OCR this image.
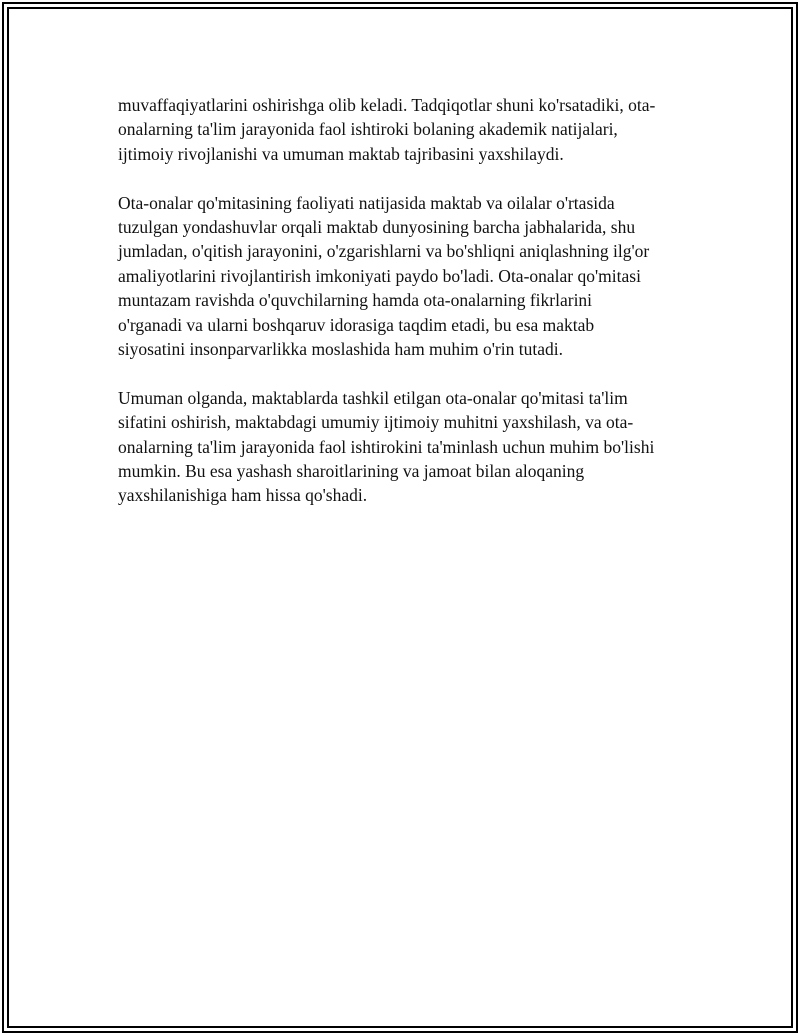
muvaffaqiyatlarini oshirishga olib keladi. Tadqiqotlar shuni ko'rsatadiki, ota-
onalarning ta'lim jarayonida faol ishtiroki bolaning akademik natijalari,
ijtimoiy rivojlanishi va umuman maktab tajribasini yaxshilaydi.

Ota-onalar qo'mitasining faoliyati natijasida maktab va oilalar o'rtasida
tuzulgan yondashuvlar orqali maktab dunyosining barcha jabhalarida, shu
jumladan, o'qitish jarayonini, o'zgarishlarni va bo'shliqni aniqlashning ilg'or
amaliyotlarini rivojlantirish imkoniyati paydo bo'ladi. Ota-onalar qo'mitasi
muntazam ravishda o'quvchilarning hamda ota-onalarning fikrlarini
o'rganadi va ularni boshqaruv idorasiga taqdim etadi, bu esa maktab
siyosatini insonparvarlikka moslashida ham muhim o'rin tutadi.

Umuman olganda, maktablarda tashkil etilgan ota-onalar qo'mitasi ta'lim
sifatini oshirish, maktabdagi umumiy ijtimoiy muhitni yaxshilash, va ota-
onalarning ta'lim jarayonida faol ishtirokini ta'minlash uchun muhim bo'lishi
mumkin. Bu esa yashash sharoitlarining va jamoat bilan aloqaning
yaxshilanishiga ham hissa qo'shadi.
